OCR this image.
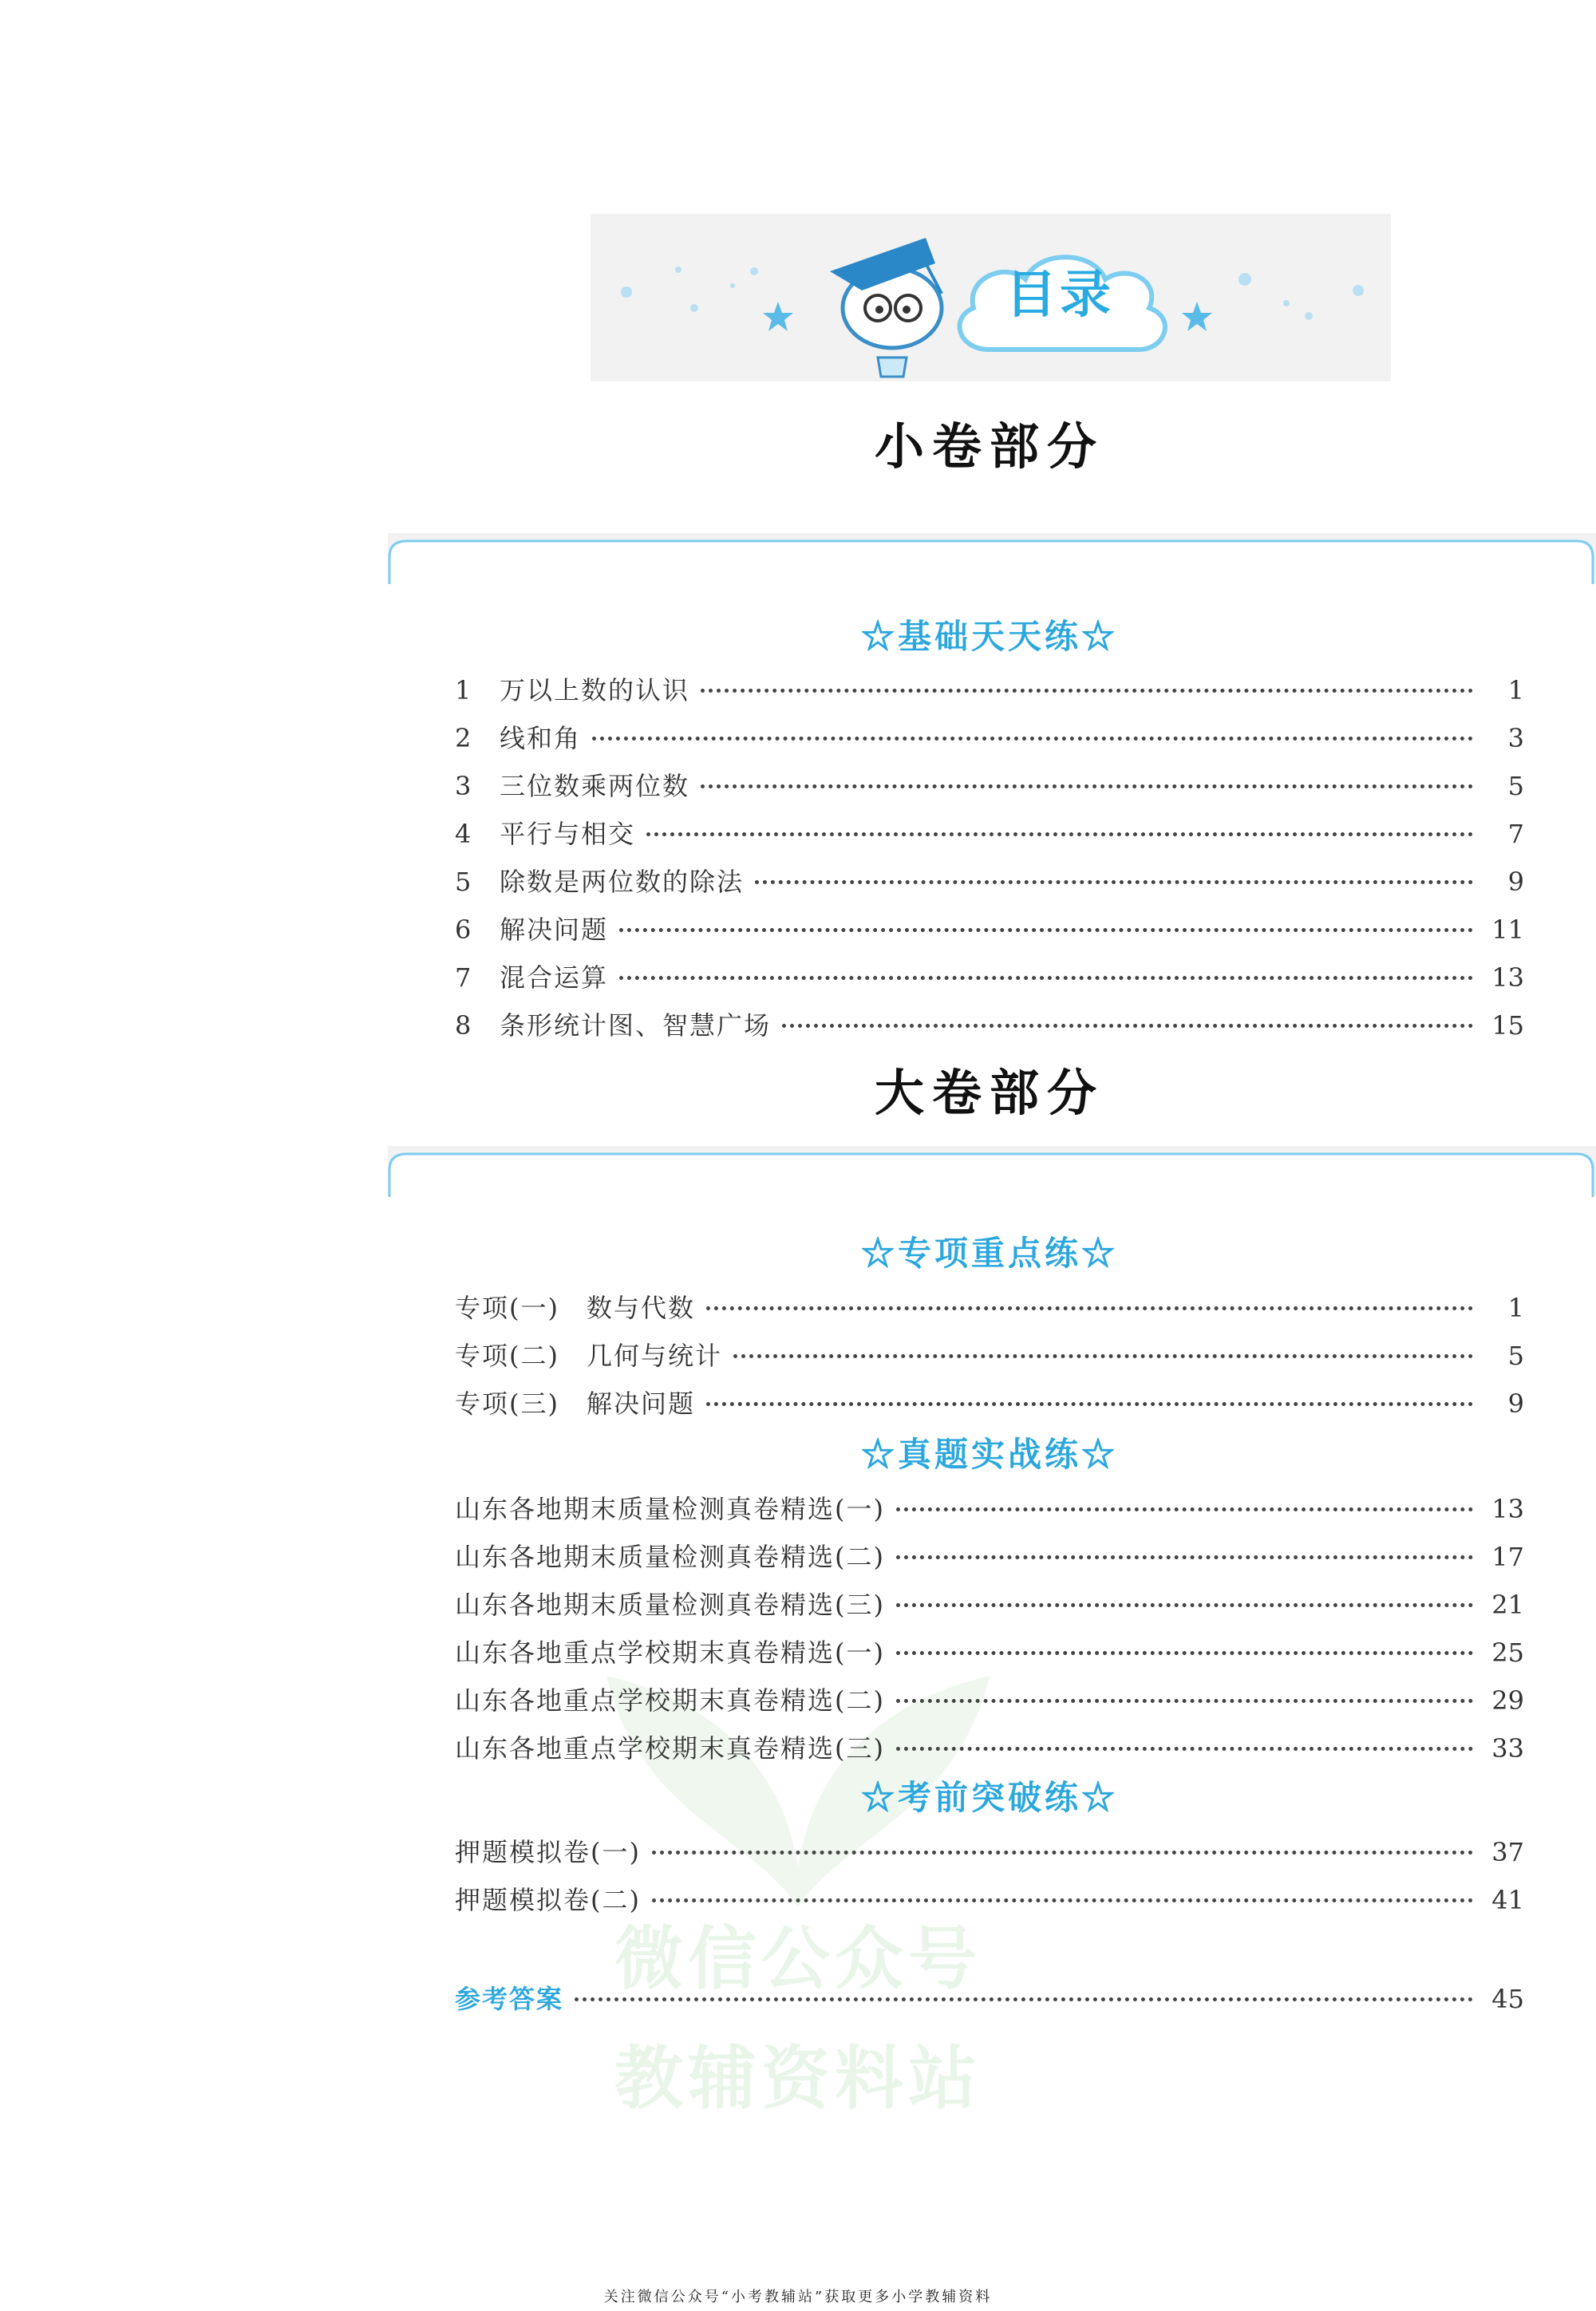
微信公众号
教辅资料站
目录
小卷部分
☆基础天天练☆
1	万以上数的认识	1
2	线和角	3
3	三位数乘两位数	5
4	平行与相交	7
5	除数是两位数的除法	9
6	解决问题	11
7	混合运算	13
8	条形统计图、智慧广场	15
大卷部分
☆专项重点练☆
专项(一)　数与代数	1
专项(二)　几何与统计	5
专项(三)　解决问题	9
☆真题实战练☆
山东各地期末质量检测真卷精选(一)	13
山东各地期末质量检测真卷精选(二)	17
山东各地期末质量检测真卷精选(三)	21
山东各地重点学校期末真卷精选(一)	25
山东各地重点学校期末真卷精选(二)	29
山东各地重点学校期末真卷精选(三)	33
☆考前突破练☆
押题模拟卷(一)	37
押题模拟卷(二)	41
参考答案	45
关注微信公众号“小考教辅站”获取更多小学教辅资料
